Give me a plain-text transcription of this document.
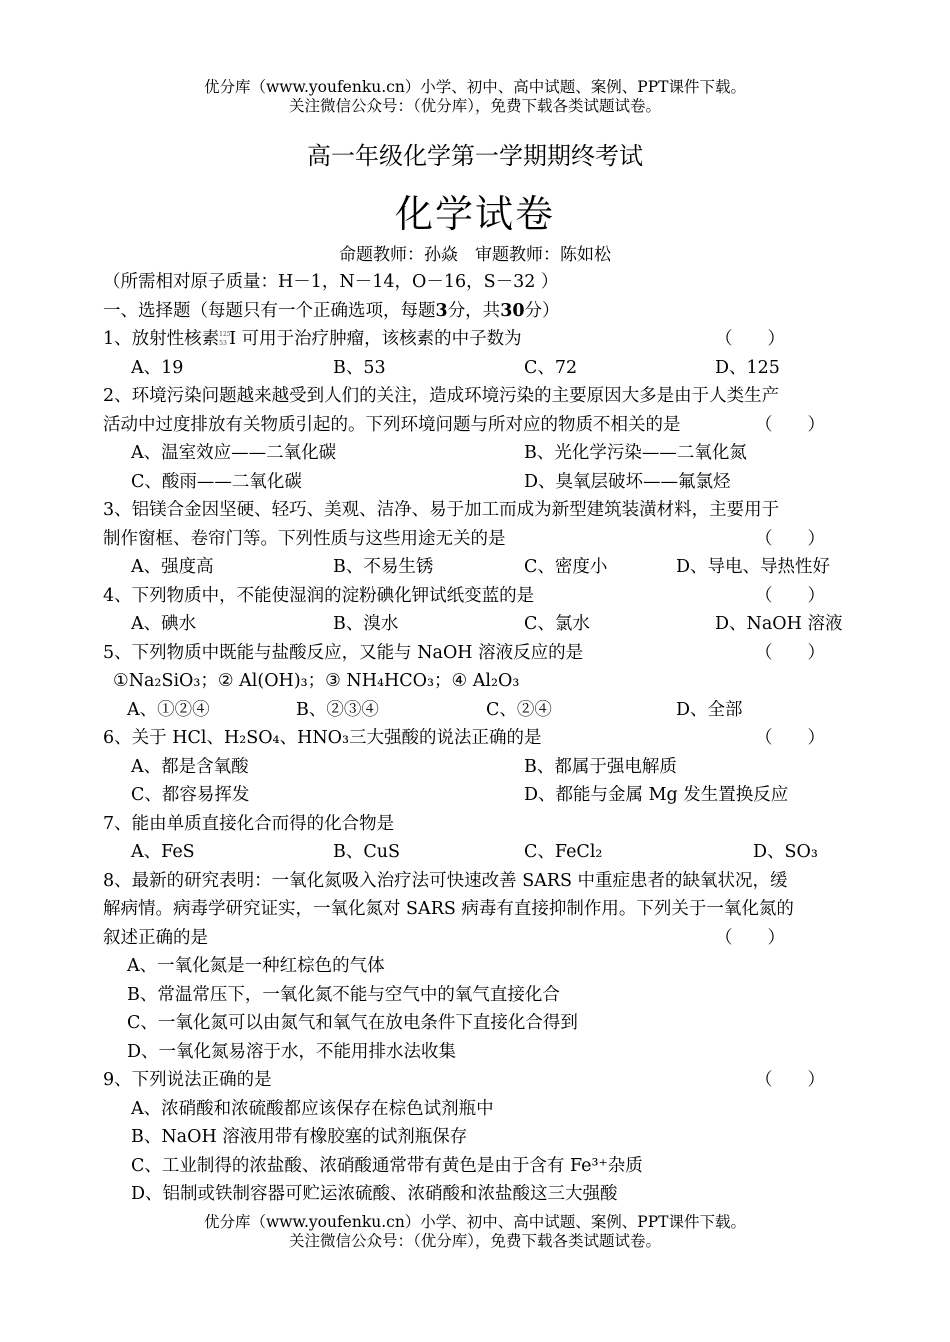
优分库（www.youfenku.cn）小学、初中、高中试题、案例、PPT课件下载。
关注微信公众号：（优分库），免费下载各类试题试卷。
高一年级化学第一学期期终考试
化学试卷
命题教师：孙焱　审题教师：陈如松
（所需相对原子质量：H－1，N－14，O－16，S－32 ）
一、选择题（每题只有一个正确选项，每题3分，共30分）
1、放射性核素 125
53 I 可用于治疗肿瘤，该核素的中子数为	（　　）
A、19	B、53	C、72	D、125
2、环境污染问题越来越受到人们的关注，造成环境污染的主要原因大多是由于人类生产
活动中过度排放有关物质引起的。下列环境问题与所对应的物质不相关的是	（　　）
A、温室效应——二氧化碳	B、光化学污染——二氧化氮
C、酸雨——二氧化碳	D、臭氧层破坏——氟氯烃
3、铝镁合金因坚硬、轻巧、美观、洁净、易于加工而成为新型建筑装潢材料，主要用于
制作窗框、卷帘门等。下列性质与这些用途无关的是	（　　）
A、强度高	B、不易生锈	C、密度小	D、导电、导热性好
4、下列物质中，不能使湿润的淀粉碘化钾试纸变蓝的是	（　　）
A、碘水	B、溴水	C、氯水	D、NaOH 溶液
5、下列物质中既能与盐酸反应，又能与 NaOH 溶液反应的是	（　　）
①Na₂SiO₃；② Al(OH)₃；③ NH₄HCO₃；④ Al₂O₃
A、①②④	B、②③④	C、②④	D、全部
6、关于 HCl、H₂SO₄、HNO₃三大强酸的说法正确的是	（　　）
A、都是含氧酸	B、都属于强电解质
C、都容易挥发	D、都能与金属 Mg 发生置换反应
7、能由单质直接化合而得的化合物是
A、FeS	B、CuS	C、FeCl₂	D、SO₃
8、最新的研究表明：一氧化氮吸入治疗法可快速改善 SARS 中重症患者的缺氧状况，缓
解病情。病毒学研究证实，一氧化氮对 SARS 病毒有直接抑制作用。下列关于一氧化氮的
叙述正确的是	（　　）
A、一氧化氮是一种红棕色的气体
B、常温常压下，一氧化氮不能与空气中的氧气直接化合
C、一氧化氮可以由氮气和氧气在放电条件下直接化合得到
D、一氧化氮易溶于水，不能用排水法收集
9、下列说法正确的是	（　　）
A、浓硝酸和浓硫酸都应该保存在棕色试剂瓶中
B、NaOH 溶液用带有橡胶塞的试剂瓶保存
C、工业制得的浓盐酸、浓硝酸通常带有黄色是由于含有 Fe³⁺杂质
D、铝制或铁制容器可贮运浓硫酸、浓硝酸和浓盐酸这三大强酸
优分库（www.youfenku.cn）小学、初中、高中试题、案例、PPT课件下载。
关注微信公众号：（优分库），免费下载各类试题试卷。
